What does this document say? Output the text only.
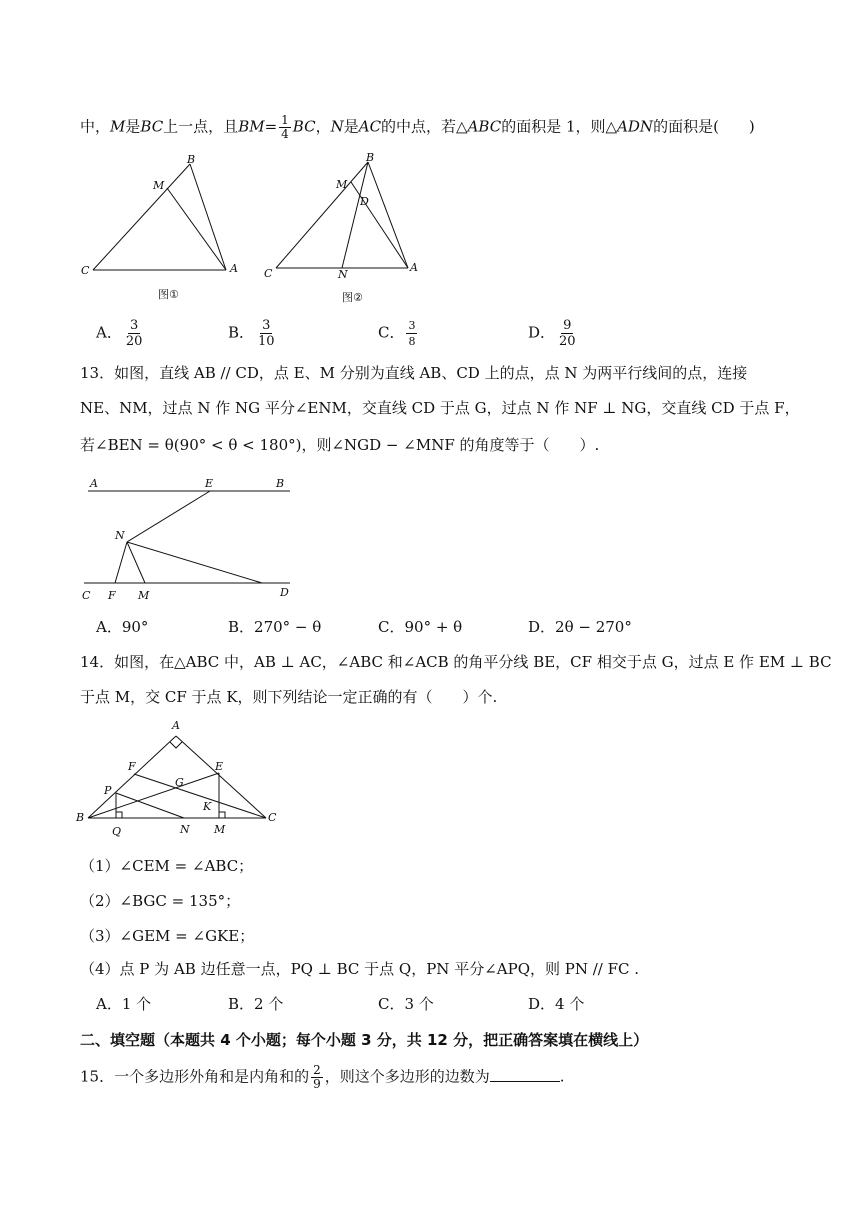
中，M是BC上一点，且$BM= \frac{1}{4}$ BC，N是AC的中点，若△ABC的面积是 1，则△ADN的面积是(　　)
B
M
C	A
图①
B
M
D
C	N
A
图②
A． $\frac{3}{20}$	B． $\frac{3}{10}$	C． $\frac{3}{8}$	D． $\frac{9}{20}$
13．如图，直线 AB // CD，点 E、M 分别为直线 AB、CD 上的点，点 N 为两平行线间的点，连接
NE、NM，过点 N 作 NG 平分∠ENM，交直线 CD 于点 G，过点 N 作 NF ⊥ NG，交直线 CD 于点 F，
若∠BEN = θ(90° < θ < 180°)，则∠NGD − ∠MNF 的角度等于（　　）.
A	E	B
N
C F M	D
A．90°	B．270° − θ	C．90° + θ	D．2θ − 270°
14．如图，在△ABC 中，AB ⊥ AC，∠ABC 和∠ACB 的角平分线 BE，CF 相交于点 G，过点 E 作 EM ⊥ BC
于点 M，交 CF 于点 K，则下列结论一定正确的有（　　）个.
A
F	E
P
G
K
B
Q	N M
C
（1）∠CEM = ∠ABC；
（2）∠BGC = 135°；
（3）∠GEM = ∠GKE；
（4）点 P 为 AB 边任意一点，PQ ⊥ BC 于点 Q，PN 平分∠APQ，则 PN // FC .
A．1 个	B．2 个	C．3 个	D．4 个
二、填空题（本题共 4 个小题；每个小题 3 分，共 12 分，把正确答案填在横线上）
15．一个多边形外角和是内角和的 $\frac{2}{9}$ ，则这个多边形的边数为	.
